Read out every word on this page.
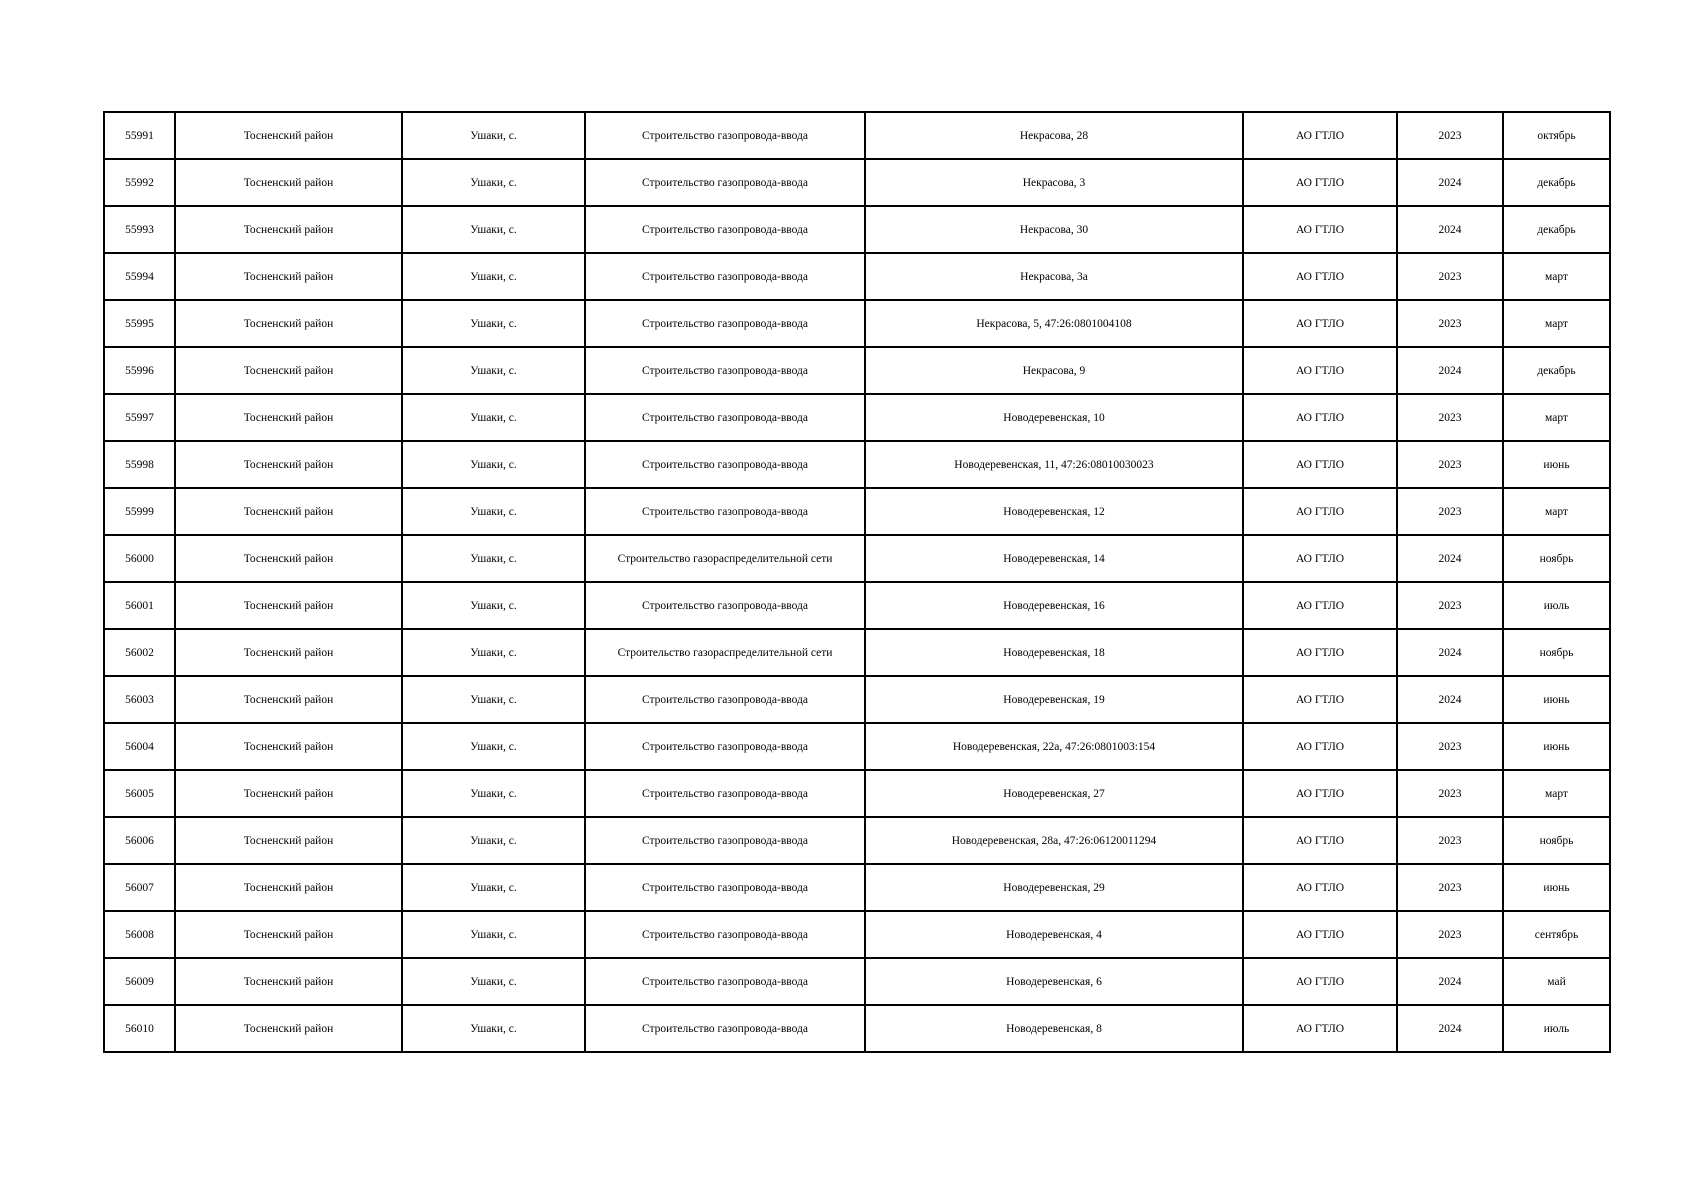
55991	Тосненский район	Ушаки, с.	Строительство газопровода-ввода	Некрасова, 28	АО ГТЛО	2023	октябрь
55992	Тосненский район	Ушаки, с.	Строительство газопровода-ввода	Некрасова, 3	АО ГТЛО	2024	декабрь
55993	Тосненский район	Ушаки, с.	Строительство газопровода-ввода	Некрасова, 30	АО ГТЛО	2024	декабрь
55994	Тосненский район	Ушаки, с.	Строительство газопровода-ввода	Некрасова, 3а	АО ГТЛО	2023	март
55995	Тосненский район	Ушаки, с.	Строительство газопровода-ввода	Некрасова, 5, 47:26:0801004108	АО ГТЛО	2023	март
55996	Тосненский район	Ушаки, с.	Строительство газопровода-ввода	Некрасова, 9	АО ГТЛО	2024	декабрь
55997	Тосненский район	Ушаки, с.	Строительство газопровода-ввода	Новодеревенская, 10	АО ГТЛО	2023	март
55998	Тосненский район	Ушаки, с.	Строительство газопровода-ввода	Новодеревенская, 11, 47:26:08010030023	АО ГТЛО	2023	июнь
55999	Тосненский район	Ушаки, с.	Строительство газопровода-ввода	Новодеревенская, 12	АО ГТЛО	2023	март
56000	Тосненский район	Ушаки, с.	Строительство газораспределительной сети	Новодеревенская, 14	АО ГТЛО	2024	ноябрь
56001	Тосненский район	Ушаки, с.	Строительство газопровода-ввода	Новодеревенская, 16	АО ГТЛО	2023	июль
56002	Тосненский район	Ушаки, с.	Строительство газораспределительной сети	Новодеревенская, 18	АО ГТЛО	2024	ноябрь
56003	Тосненский район	Ушаки, с.	Строительство газопровода-ввода	Новодеревенская, 19	АО ГТЛО	2024	июнь
56004	Тосненский район	Ушаки, с.	Строительство газопровода-ввода	Новодеревенская, 22а, 47:26:0801003:154	АО ГТЛО	2023	июнь
56005	Тосненский район	Ушаки, с.	Строительство газопровода-ввода	Новодеревенская, 27	АО ГТЛО	2023	март
56006	Тосненский район	Ушаки, с.	Строительство газопровода-ввода	Новодеревенская, 28а, 47:26:06120011294	АО ГТЛО	2023	ноябрь
56007	Тосненский район	Ушаки, с.	Строительство газопровода-ввода	Новодеревенская, 29	АО ГТЛО	2023	июнь
56008	Тосненский район	Ушаки, с.	Строительство газопровода-ввода	Новодеревенская, 4	АО ГТЛО	2023	сентябрь
56009	Тосненский район	Ушаки, с.	Строительство газопровода-ввода	Новодеревенская, 6	АО ГТЛО	2024	май
56010	Тосненский район	Ушаки, с.	Строительство газопровода-ввода	Новодеревенская, 8	АО ГТЛО	2024	июль
